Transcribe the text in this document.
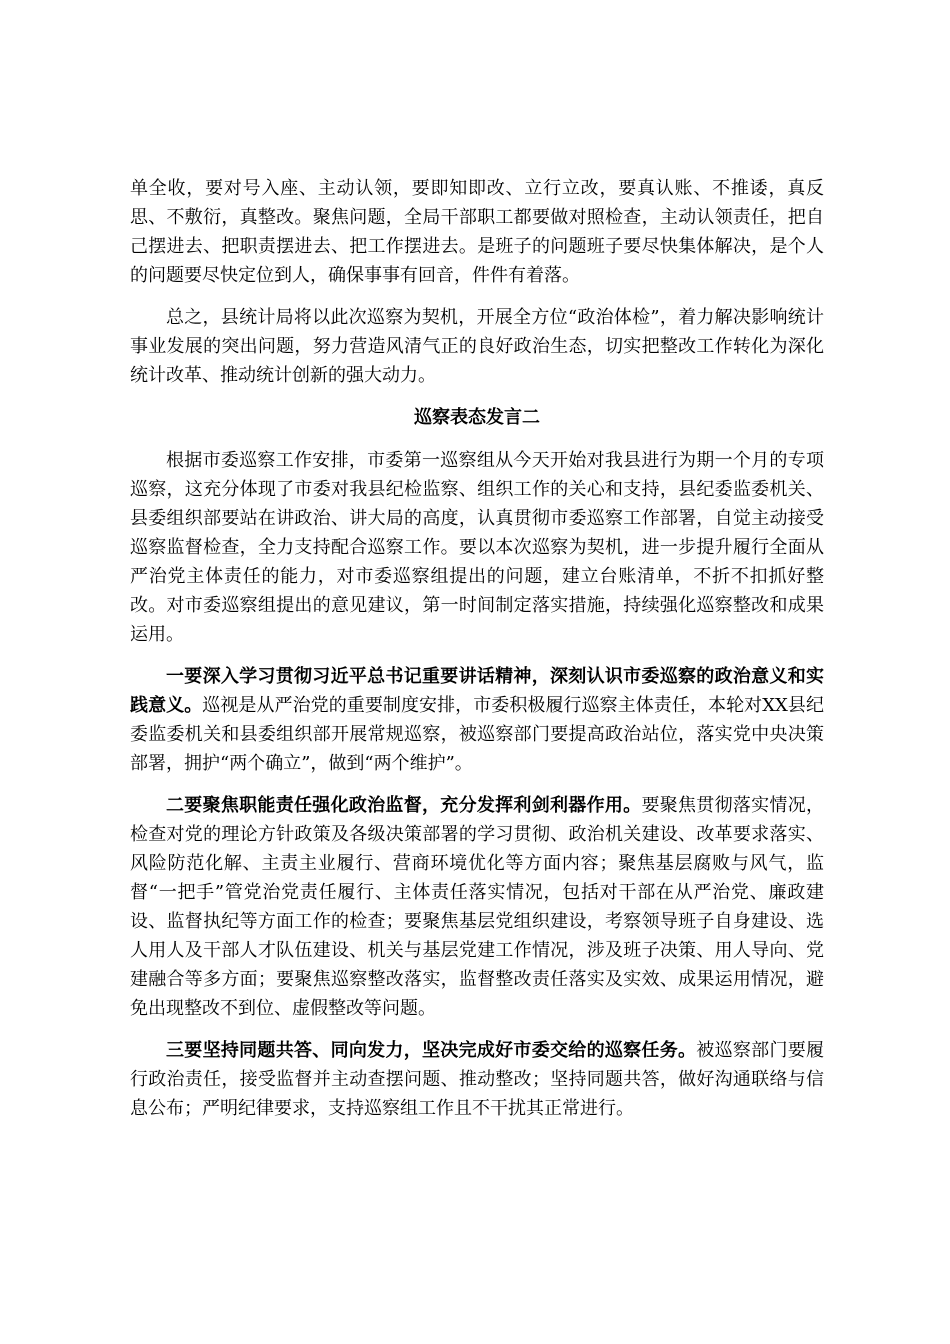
单全收，要对号入座、主动认领，要即知即改、立行立改，要真认账、不推诿，真反思、不敷衍，真整改。聚焦问题，全局干部职工都要做对照检查，主动认领责任，把自己摆进去、把职责摆进去、把工作摆进去。是班子的问题班子要尽快集体解决，是个人的问题要尽快定位到人，确保事事有回音，件件有着落。

总之，县统计局将以此次巡察为契机，开展全方位“政治体检”，着力解决影响统计事业发展的突出问题，努力营造风清气正的良好政治生态，切实把整改工作转化为深化统计改革、推动统计创新的强大动力。

巡察表态发言二

根据市委巡察工作安排，市委第一巡察组从今天开始对我县进行为期一个月的专项巡察，这充分体现了市委对我县纪检监察、组织工作的关心和支持，县纪委监委机关、县委组织部要站在讲政治、讲大局的高度，认真贯彻市委巡察工作部署，自觉主动接受巡察监督检查，全力支持配合巡察工作。要以本次巡察为契机，进一步提升履行全面从严治党主体责任的能力，对市委巡察组提出的问题，建立台账清单，不折不扣抓好整改。对市委巡察组提出的意见建议，第一时间制定落实措施，持续强化巡察整改和成果运用。

一要深入学习贯彻习近平总书记重要讲话精神，深刻认识市委巡察的政治意义和实践意义。巡视是从严治党的重要制度安排，市委积极履行巡察主体责任，本轮对XX县纪委监委机关和县委组织部开展常规巡察，被巡察部门要提高政治站位，落实党中央决策部署，拥护“两个确立”，做到“两个维护”。

二要聚焦职能责任强化政治监督，充分发挥利剑利器作用。要聚焦贯彻落实情况，检查对党的理论方针政策及各级决策部署的学习贯彻、政治机关建设、改革要求落实、风险防范化解、主责主业履行、营商环境优化等方面内容；聚焦基层腐败与风气，监督“一把手”管党治党责任履行、主体责任落实情况，包括对干部在从严治党、廉政建设、监督执纪等方面工作的检查；要聚焦基层党组织建设，考察领导班子自身建设、选人用人及干部人才队伍建设、机关与基层党建工作情况，涉及班子决策、用人导向、党建融合等多方面；要聚焦巡察整改落实，监督整改责任落实及实效、成果运用情况，避免出现整改不到位、虚假整改等问题。

三要坚持同题共答、同向发力，坚决完成好市委交给的巡察任务。被巡察部门要履行政治责任，接受监督并主动查摆问题、推动整改；坚持同题共答，做好沟通联络与信息公布；严明纪律要求，支持巡察组工作且不干扰其正常进行。
